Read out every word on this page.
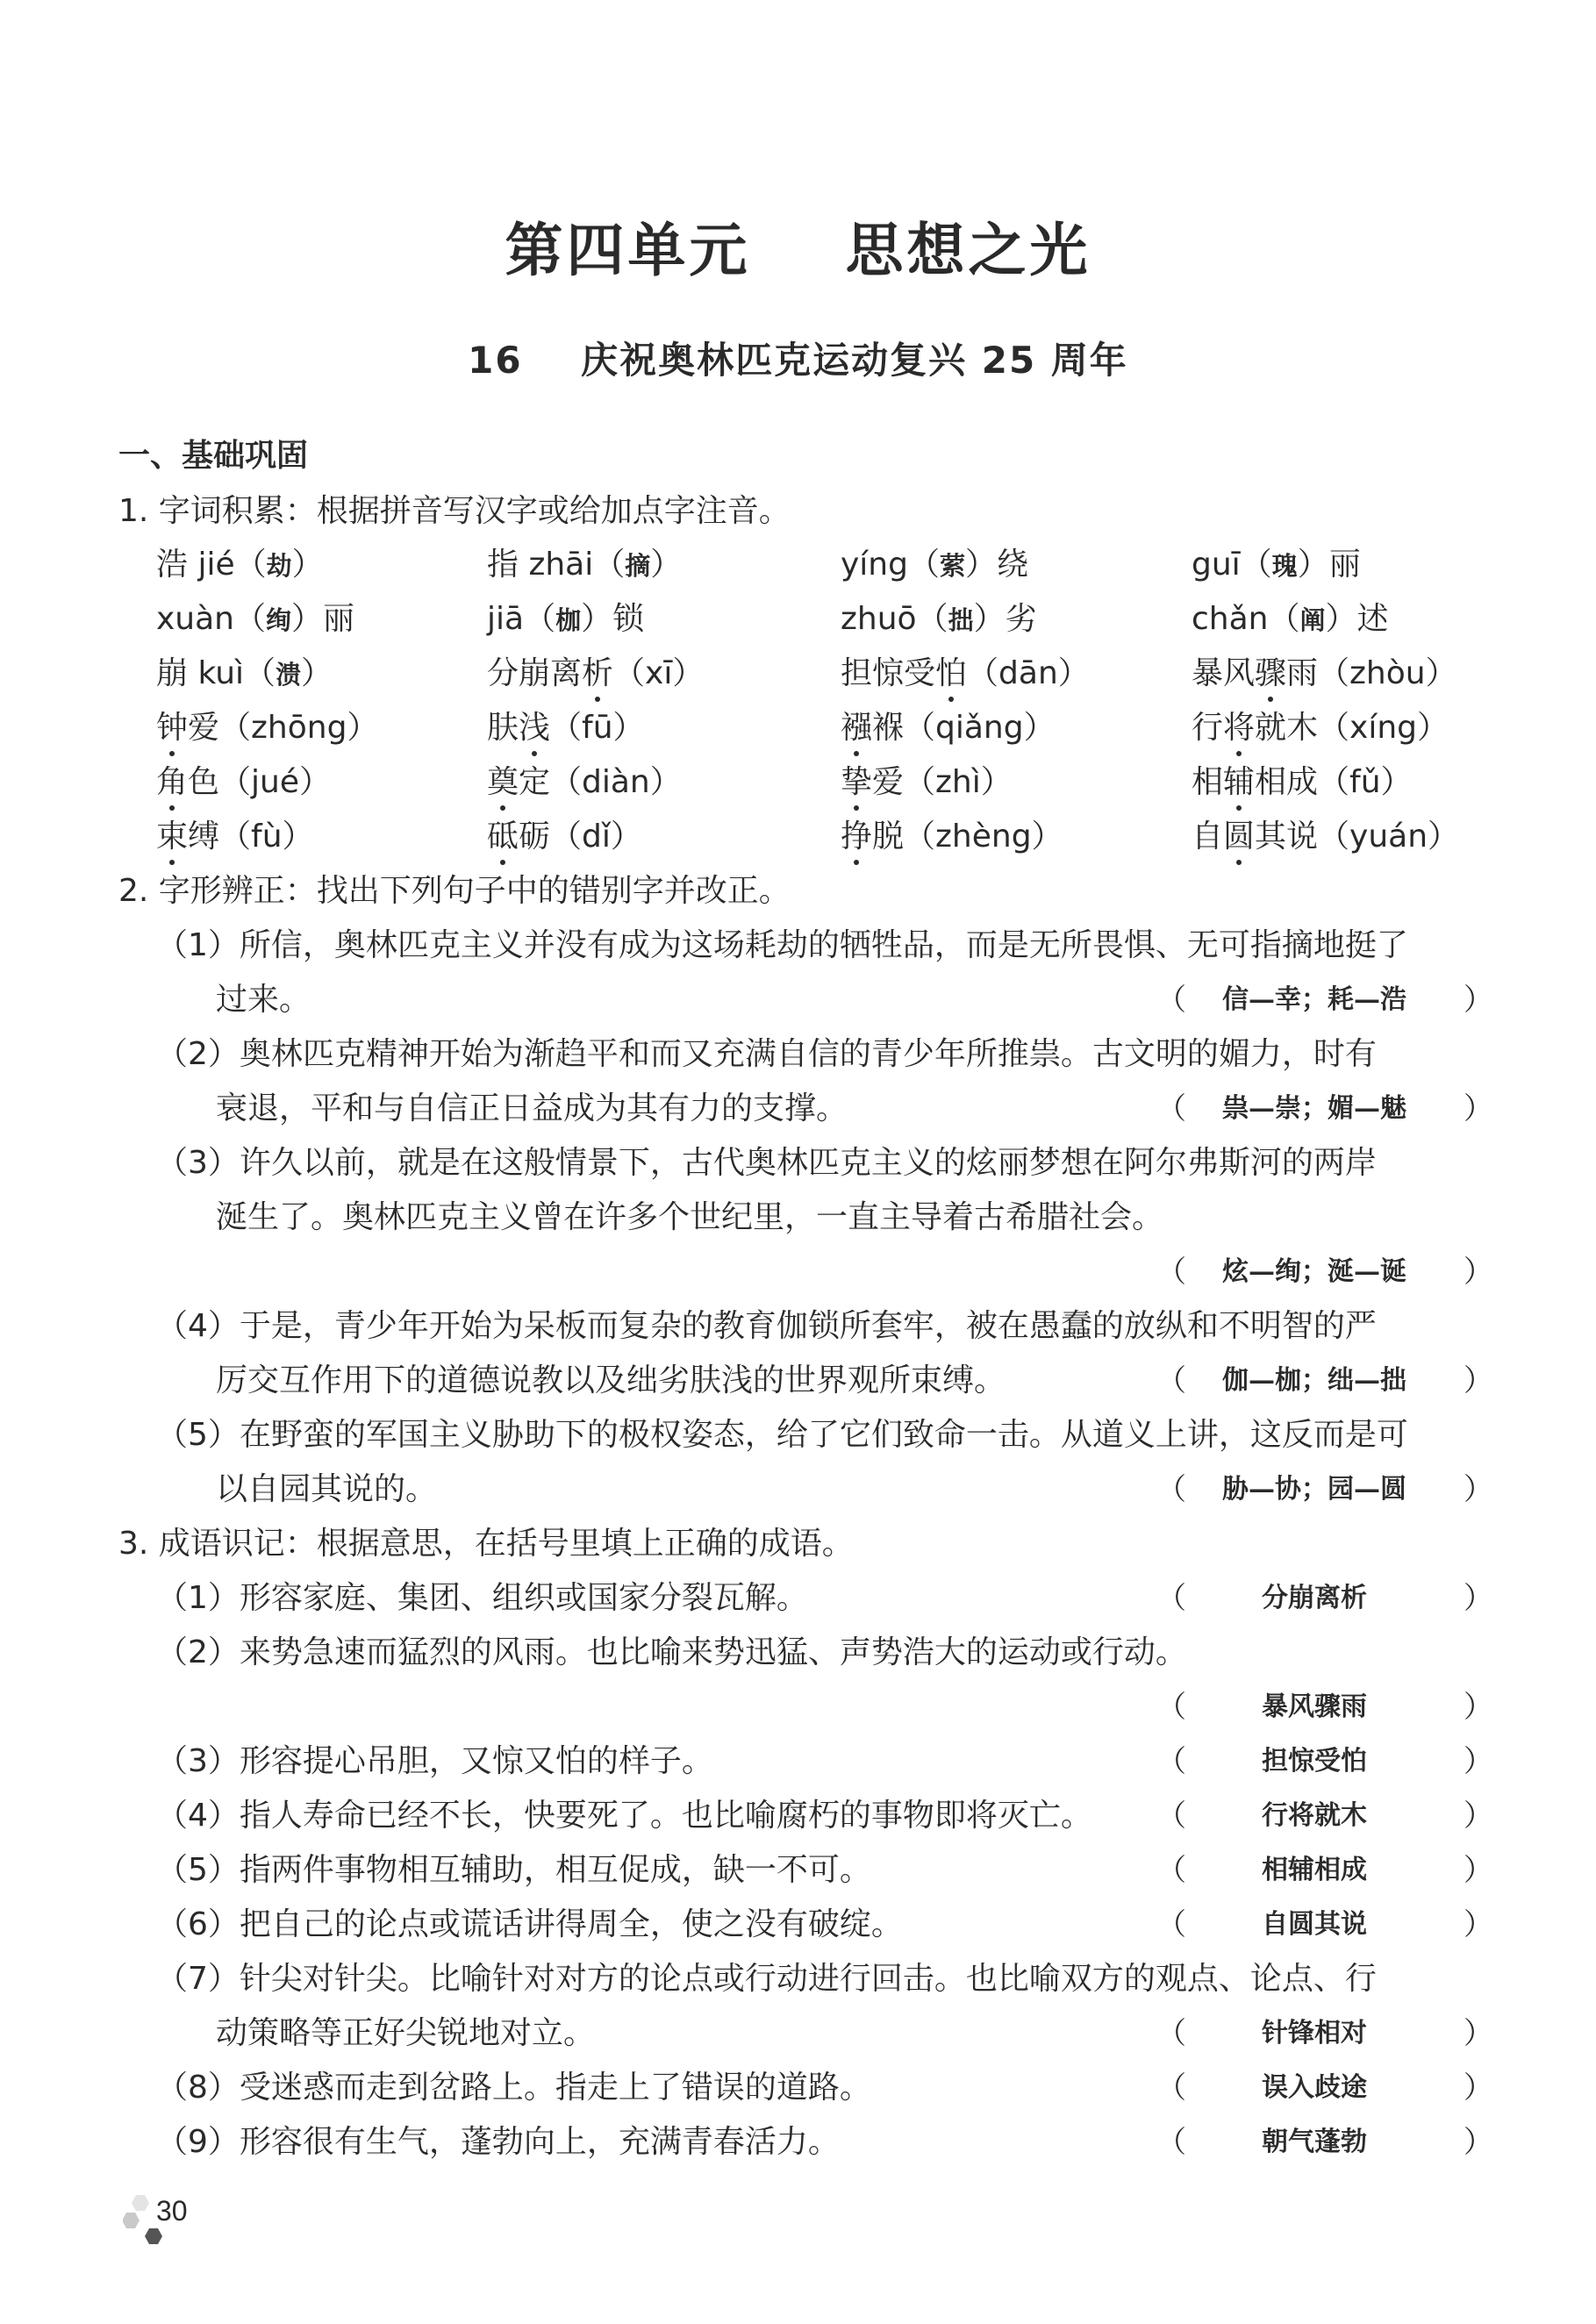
第四单元    思想之光
16    庆祝奥林匹克运动复兴 25 周年
一、基础巩固
1. 字词积累：根据拼音写汉字或给加点字注音。
浩 jié（劫）	指 zhāi（摘）	yíng（萦）绕	guī（瑰）丽
xuàn（绚）丽	jiā（枷）锁	zhuō（拙）劣	chǎn（阐）述
崩 kuì（溃）	分崩离析（xī）	担惊受怕（dān）	暴风骤雨（zhòu）
钟爱（zhōng）	肤浅（fū）	襁褓（qiǎng）	行将就木（xíng）
角色（jué）	奠定（diàn）	挚爱（zhì）	相辅相成（fǔ）
束缚（fù）	砥砺（dǐ）	挣脱（zhèng）	自圆其说（yuán）
2. 字形辨正：找出下列句子中的错别字并改正。
（1）所信，奥林匹克主义并没有成为这场耗劫的牺牲品，而是无所畏惧、无可指摘地挺了
过来。	（	信—幸；耗—浩	）
（2）奥林匹克精神开始为渐趋平和而又充满自信的青少年所推祟。古文明的媚力，时有
衰退，平和与自信正日益成为其有力的支撑。	（	祟—崇；媚—魅	）
（3）许久以前，就是在这般情景下，古代奥林匹克主义的炫丽梦想在阿尔弗斯河的两岸
涎生了。奥林匹克主义曾在许多个世纪里，一直主导着古希腊社会。
（	炫—绚；涎—诞	）
（4）于是，青少年开始为呆板而复杂的教育伽锁所套牢，被在愚蠢的放纵和不明智的严
厉交互作用下的道德说教以及绌劣肤浅的世界观所束缚。	（	伽—枷；绌—拙	）
（5）在野蛮的军国主义胁助下的极权姿态，给了它们致命一击。从道义上讲，这反而是可
以自园其说的。	（	胁—协；园—圆	）
3. 成语识记：根据意思，在括号里填上正确的成语。
（1）形容家庭、集团、组织或国家分裂瓦解。	（	分崩离析	）
（2）来势急速而猛烈的风雨。也比喻来势迅猛、声势浩大的运动或行动。
（	暴风骤雨	）
（3）形容提心吊胆，又惊又怕的样子。	（	担惊受怕	）
（4）指人寿命已经不长，快要死了。也比喻腐朽的事物即将灭亡。 （	行将就木	）
（5）指两件事物相互辅助，相互促成，缺一不可。	（	相辅相成	）
（6）把自己的论点或谎话讲得周全，使之没有破绽。	（	自圆其说	）
（7）针尖对针尖。比喻针对对方的论点或行动进行回击。也比喻双方的观点、论点、行
动策略等正好尖锐地对立。	（	针锋相对	）
（8）受迷惑而走到岔路上。指走上了错误的道路。	（	误入歧途	）
（9）形容很有生气，蓬勃向上，充满青春活力。	（	朝气蓬勃	）
30
